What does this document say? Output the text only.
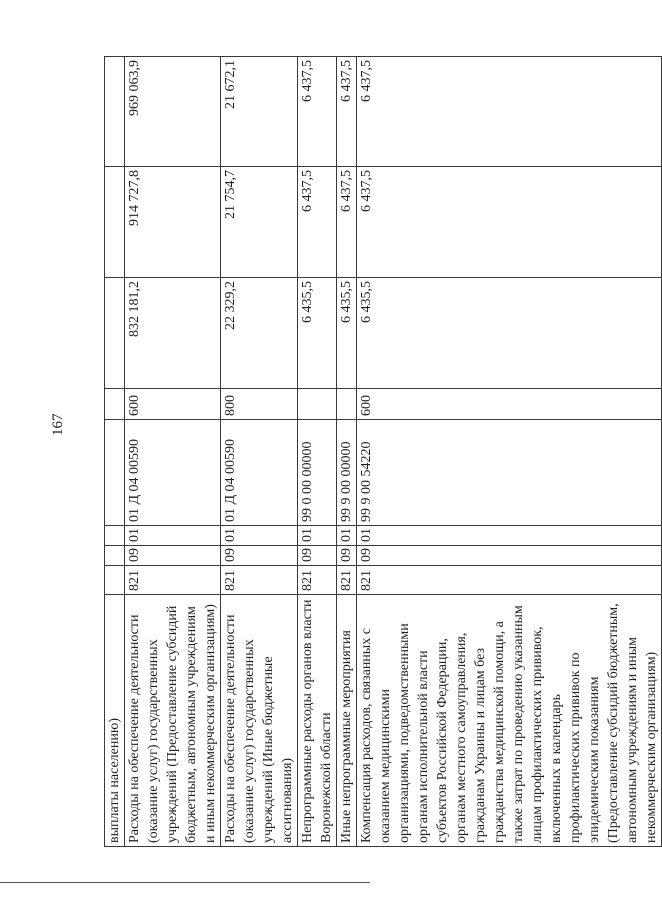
167
выплаты населению)								
Расходы на обеспечение деятельности (оказание услуг) государственных учреждений (Предоставление субсидий бюджетным, автономным учреждениям и иным некоммерческим организациям)	821	09	01	01 Д 04 00590	600	832 181,2	914 727,8	969 063,9
Расходы на обеспечение деятельности (оказание услуг) государственных учреждений (Иные бюджетные ассигнования)	821	09	01	01 Д 04 00590	800	22 329,2	21 754,7	21 672,1
Непрограммные расходы органов власти Воронежской области	821	09	01	99 0 00 00000		6 435,5	6 437,5	6 437,5
Иные непрограммные мероприятия	821	09	01	99 9 00 00000		6 435,5	6 437,5	6 437,5
Компенсация расходов, связанных с оказанием медицинскими организациями, подведомственными органам исполнительной власти субъектов Российской Федерации, органам местного самоуправления, гражданам Украины и лицам без гражданства медицинской помощи, а также затрат по проведению указанным лицам профилактических прививок, включенных в календарь профилактических прививок по эпидемическим показаниям (Предоставление субсидий бюджетным, автономным учреждениям и иным некоммерческим организациям)	821	09	01	99 9 00 54220	600	6 435,5	6 437,5	6 437,5
